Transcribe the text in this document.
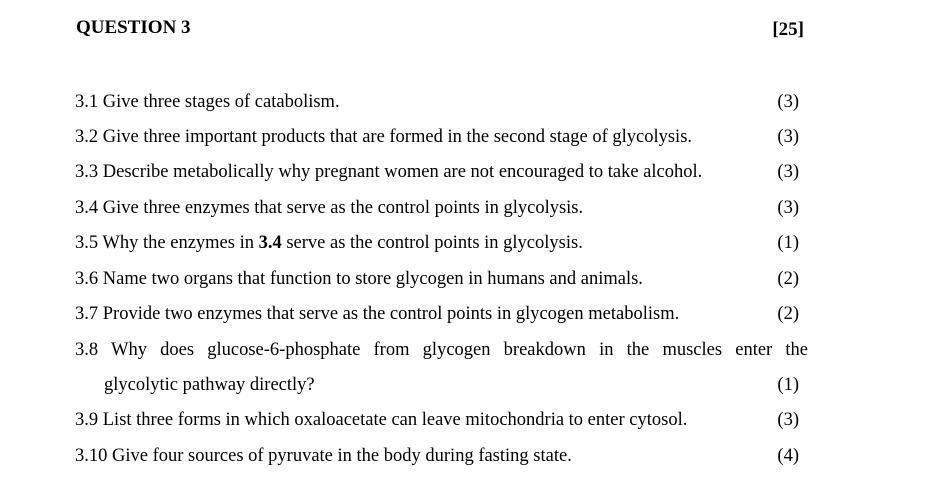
QUESTION 3	[25]
3.1 Give three stages of catabolism.	(3)
3.2 Give three important products that are formed in the second stage of glycolysis.	(3)
3.3 Describe metabolically why pregnant women are not encouraged to take alcohol.	(3)
3.4 Give three enzymes that serve as the control points in glycolysis.	(3)
3.5 Why the enzymes in 3.4 serve as the control points in glycolysis.	(1)
3.6 Name two organs that function to store glycogen in humans and animals.	(2)
3.7 Provide two enzymes that serve as the control points in glycogen metabolism.	(2)
3.8 Why does glucose-6-phosphate from glycogen breakdown in the muscles enter the
glycolytic pathway directly?	(1)
3.9 List three forms in which oxaloacetate can leave mitochondria to enter cytosol.	(3)
3.10 Give four sources of pyruvate in the body during fasting state.	(4)
